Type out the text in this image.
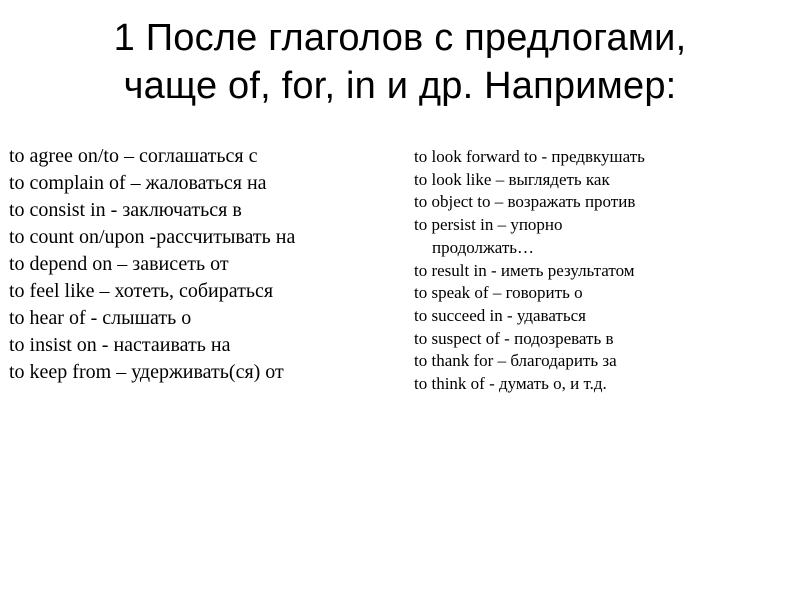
1 После глаголов с предлогами,
чаще of, for, in и др. Например:
to agree on/to – соглашаться с
to complain of – жаловаться на
to consist in - заключаться в
to count on/upon -рассчитывать на
to depend on – зависеть от
to feel like – хотеть, собираться
to hear of - слышать о
to insist on - настаивать на
to keep from – удерживать(ся) от
to look forward to - предвкушать
to look like – выглядеть как
to object to – возражать против
to persist in – упорно продолжать…
to result in - иметь результатом
to speak of – говорить о
to succeed in - удаваться
to suspect of - подозревать в
to thank for – благодарить за
to think of - думать о, и т.д.
